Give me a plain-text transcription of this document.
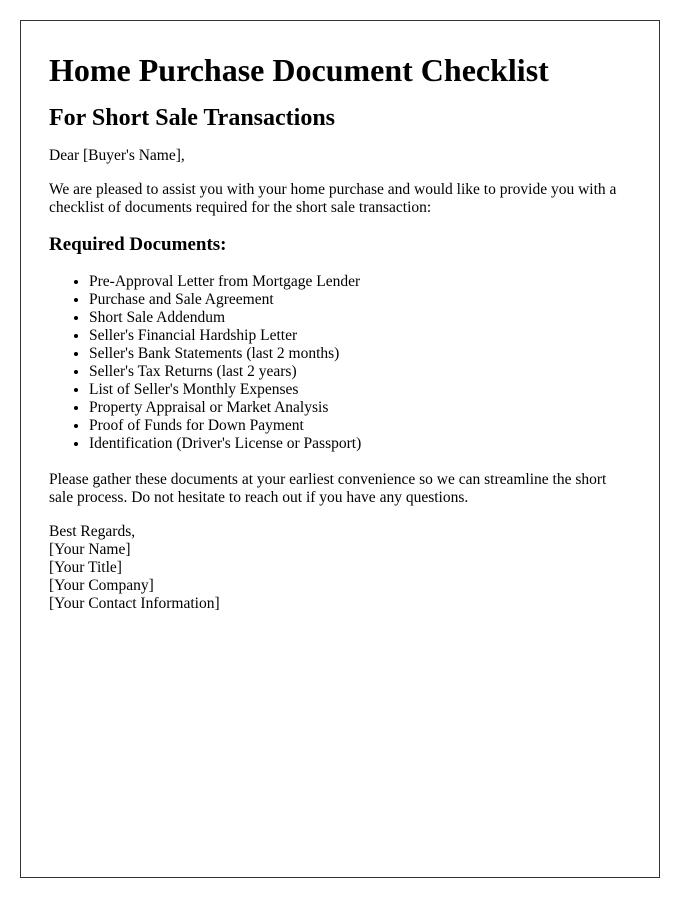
Home Purchase Document Checklist
For Short Sale Transactions

Dear [Buyer's Name],

We are pleased to assist you with your home purchase and would like to provide you with a checklist of documents required for the short sale transaction:

Required Documents:
• Pre-Approval Letter from Mortgage Lender
• Purchase and Sale Agreement
• Short Sale Addendum
• Seller's Financial Hardship Letter
• Seller's Bank Statements (last 2 months)
• Seller's Tax Returns (last 2 years)
• List of Seller's Monthly Expenses
• Property Appraisal or Market Analysis
• Proof of Funds for Down Payment
• Identification (Driver's License or Passport)

Please gather these documents at your earliest convenience so we can streamline the short sale process. Do not hesitate to reach out if you have any questions.

Best Regards,
[Your Name]
[Your Title]
[Your Company]
[Your Contact Information]
